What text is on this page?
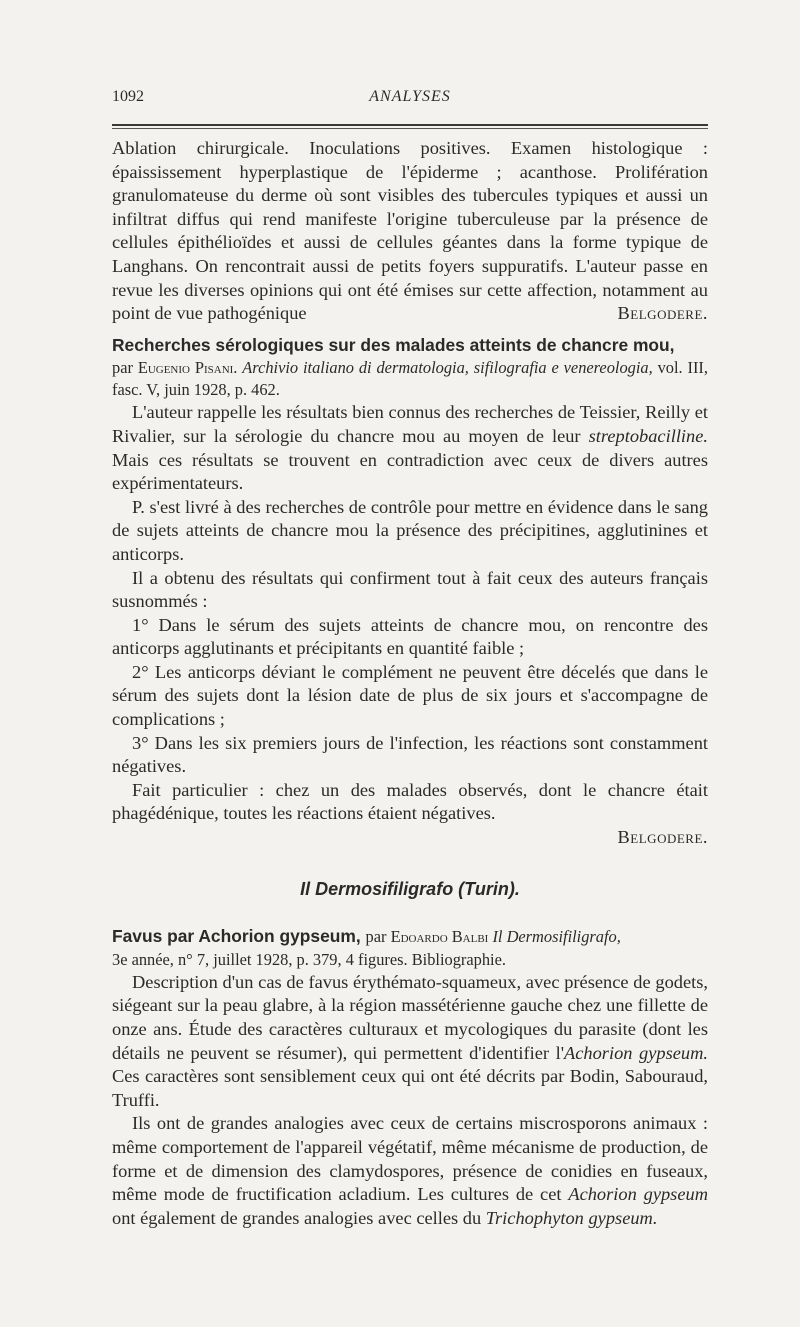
1092	ANALYSES

Ablation chirurgicale. Inoculations positives. Examen histologique : épaississement hyperplastique de l'épiderme ; acanthose. Prolifération granulomateuse du derme où sont visibles des tubercules typiques et aussi un infiltrat diffus qui rend manifeste l'origine tuberculeuse par la présence de cellules épithélioïdes et aussi de cellules géantes dans la forme typique de Langhans. On rencontrait aussi de petits foyers suppuratifs. L'auteur passe en revue les diverses opinions qui ont été émises sur cette affection, notamment au point de vue pathogénique	Belgodere.

Recherches sérologiques sur des malades atteints de chancre mou,

par Eugenio Pisani. Archivio italiano di dermatologia, sifilografia e venereologia, vol. III, fasc. V, juin 1928, p. 462.

L'auteur rappelle les résultats bien connus des recherches de Teissier, Reilly et Rivalier, sur la sérologie du chancre mou au moyen de leur streptobacilline. Mais ces résultats se trouvent en contradiction avec ceux de divers autres expérimentateurs.

P. s'est livré à des recherches de contrôle pour mettre en évidence dans le sang de sujets atteints de chancre mou la présence des précipitines, agglutinines et anticorps.

Il a obtenu des résultats qui confirment tout à fait ceux des auteurs français susnommés :

1° Dans le sérum des sujets atteints de chancre mou, on rencontre des anticorps agglutinants et précipitants en quantité faible ;

2° Les anticorps déviant le complément ne peuvent être décelés que dans le sérum des sujets dont la lésion date de plus de six jours et s'accompagne de complications ;

3° Dans les six premiers jours de l'infection, les réactions sont constamment négatives.

Fait particulier : chez un des malades observés, dont le chancre était phagédénique, toutes les réactions étaient négatives.

Belgodere.

Il Dermosifiligrafo (Turin).

Favus par Achorion gypseum, par Edoardo Balbi Il Dermosifiligrafo,

3e année, n° 7, juillet 1928, p. 379, 4 figures. Bibliographie.

Description d'un cas de favus érythémato-squameux, avec présence de godets, siégeant sur la peau glabre, à la région massétérienne gauche chez une fillette de onze ans. Étude des caractères culturaux et mycologiques du parasite (dont les détails ne peuvent se résumer), qui permettent d'identifier l'Achorion gypseum. Ces caractères sont sensiblement ceux qui ont été décrits par Bodin, Sabouraud, Truffi.

Ils ont de grandes analogies avec ceux de certains miscrosporons animaux : même comportement de l'appareil végétatif, même mécanisme de production, de forme et de dimension des clamydospores, présence de conidies en fuseaux, même mode de fructification acladium. Les cultures de cet Achorion gypseum ont également de grandes analogies avec celles du Trichophyton gypseum.
